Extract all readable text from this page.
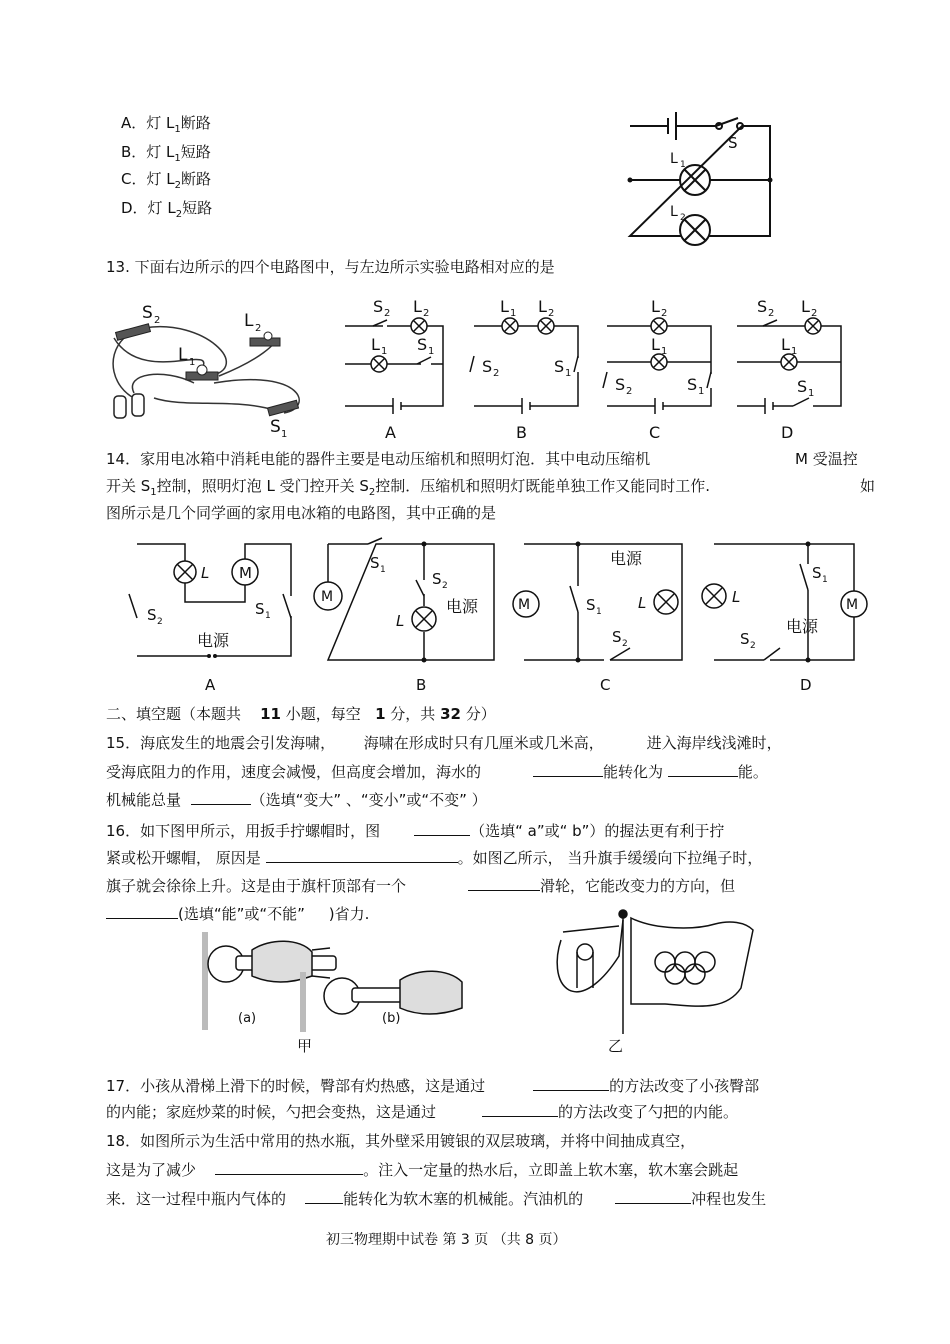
A．灯 $L_1$断路
B．灯 $L_1$短路
C．灯 $L_2$断路
D．灯 $L_2$短路
S
L 1
L 2
13. 下面右边所示的四个电路图中，与左边所示实验电路相对应的是
S 2	L 2
L 1
S 1
S 2 L 2
L 1 S 1
A
L 1 L 2
S 2	S 1
B
L 2
L 1
S 2	S 1
C
S 2 L 2
L 1
S 1
D
14．家用电冰箱中消耗电能的器件主要是电动压缩机和照明灯泡．其中电动压缩机	M 受温控
开关 $S_1$控制，照明灯泡 L 受门控开关 $S_2$控制．压缩机和照明灯既能单独工作又能同时工作.	如
图所示是几个同学画的家用电冰箱的电路图，其中正确的是
M
L
S 2
S 1
电源
A
M
S 1	S 2
L
电源
B
M	S 1 L
S 2
电源
C
M
L
S 1
S 2
电源
D
二、填空题（本题共 11 小题，每空 1 分，共 32 分）
15．海底发生的地震会引发海啸， 海啸在形成时只有几厘米或几米高，	进入海岸线浅滩时，
受海底阻力的作用，速度会减慢，但高度会增加，海水的	能转化为	能。
机械能总量	（选填“变大” 、“变小”或“不变” ）
16．如下图甲所示，用扳手拧螺帽时，图	（选填“ a”或“ b”）的握法更有利于拧
紧或松开螺帽， 原因是	。如图乙所示， 当升旗手缓缓向下拉绳子时，
旗子就会徐徐上升。这是由于旗杆顶部有一个	滑轮，它能改变力的方向，但
(选填“能”或“不能” )省力.
(a)	(b)
甲	乙
17．小孩从滑梯上滑下的时候，臀部有灼热感，这是通过	的方法改变了小孩臀部
的内能；家庭炒菜的时候，勺把会变热，这是通过	的方法改变了勺把的内能。
18．如图所示为生活中常用的热水瓶，其外壁采用镀银的双层玻璃，并将中间抽成真空，
这是为了减少	。注入一定量的热水后，立即盖上软木塞，软木塞会跳起
来．这一过程中瓶内气体的	能转化为软木塞的机械能。汽油机的	冲程也发生
初三物理期中试卷 第 3 页 （共 8 页）
